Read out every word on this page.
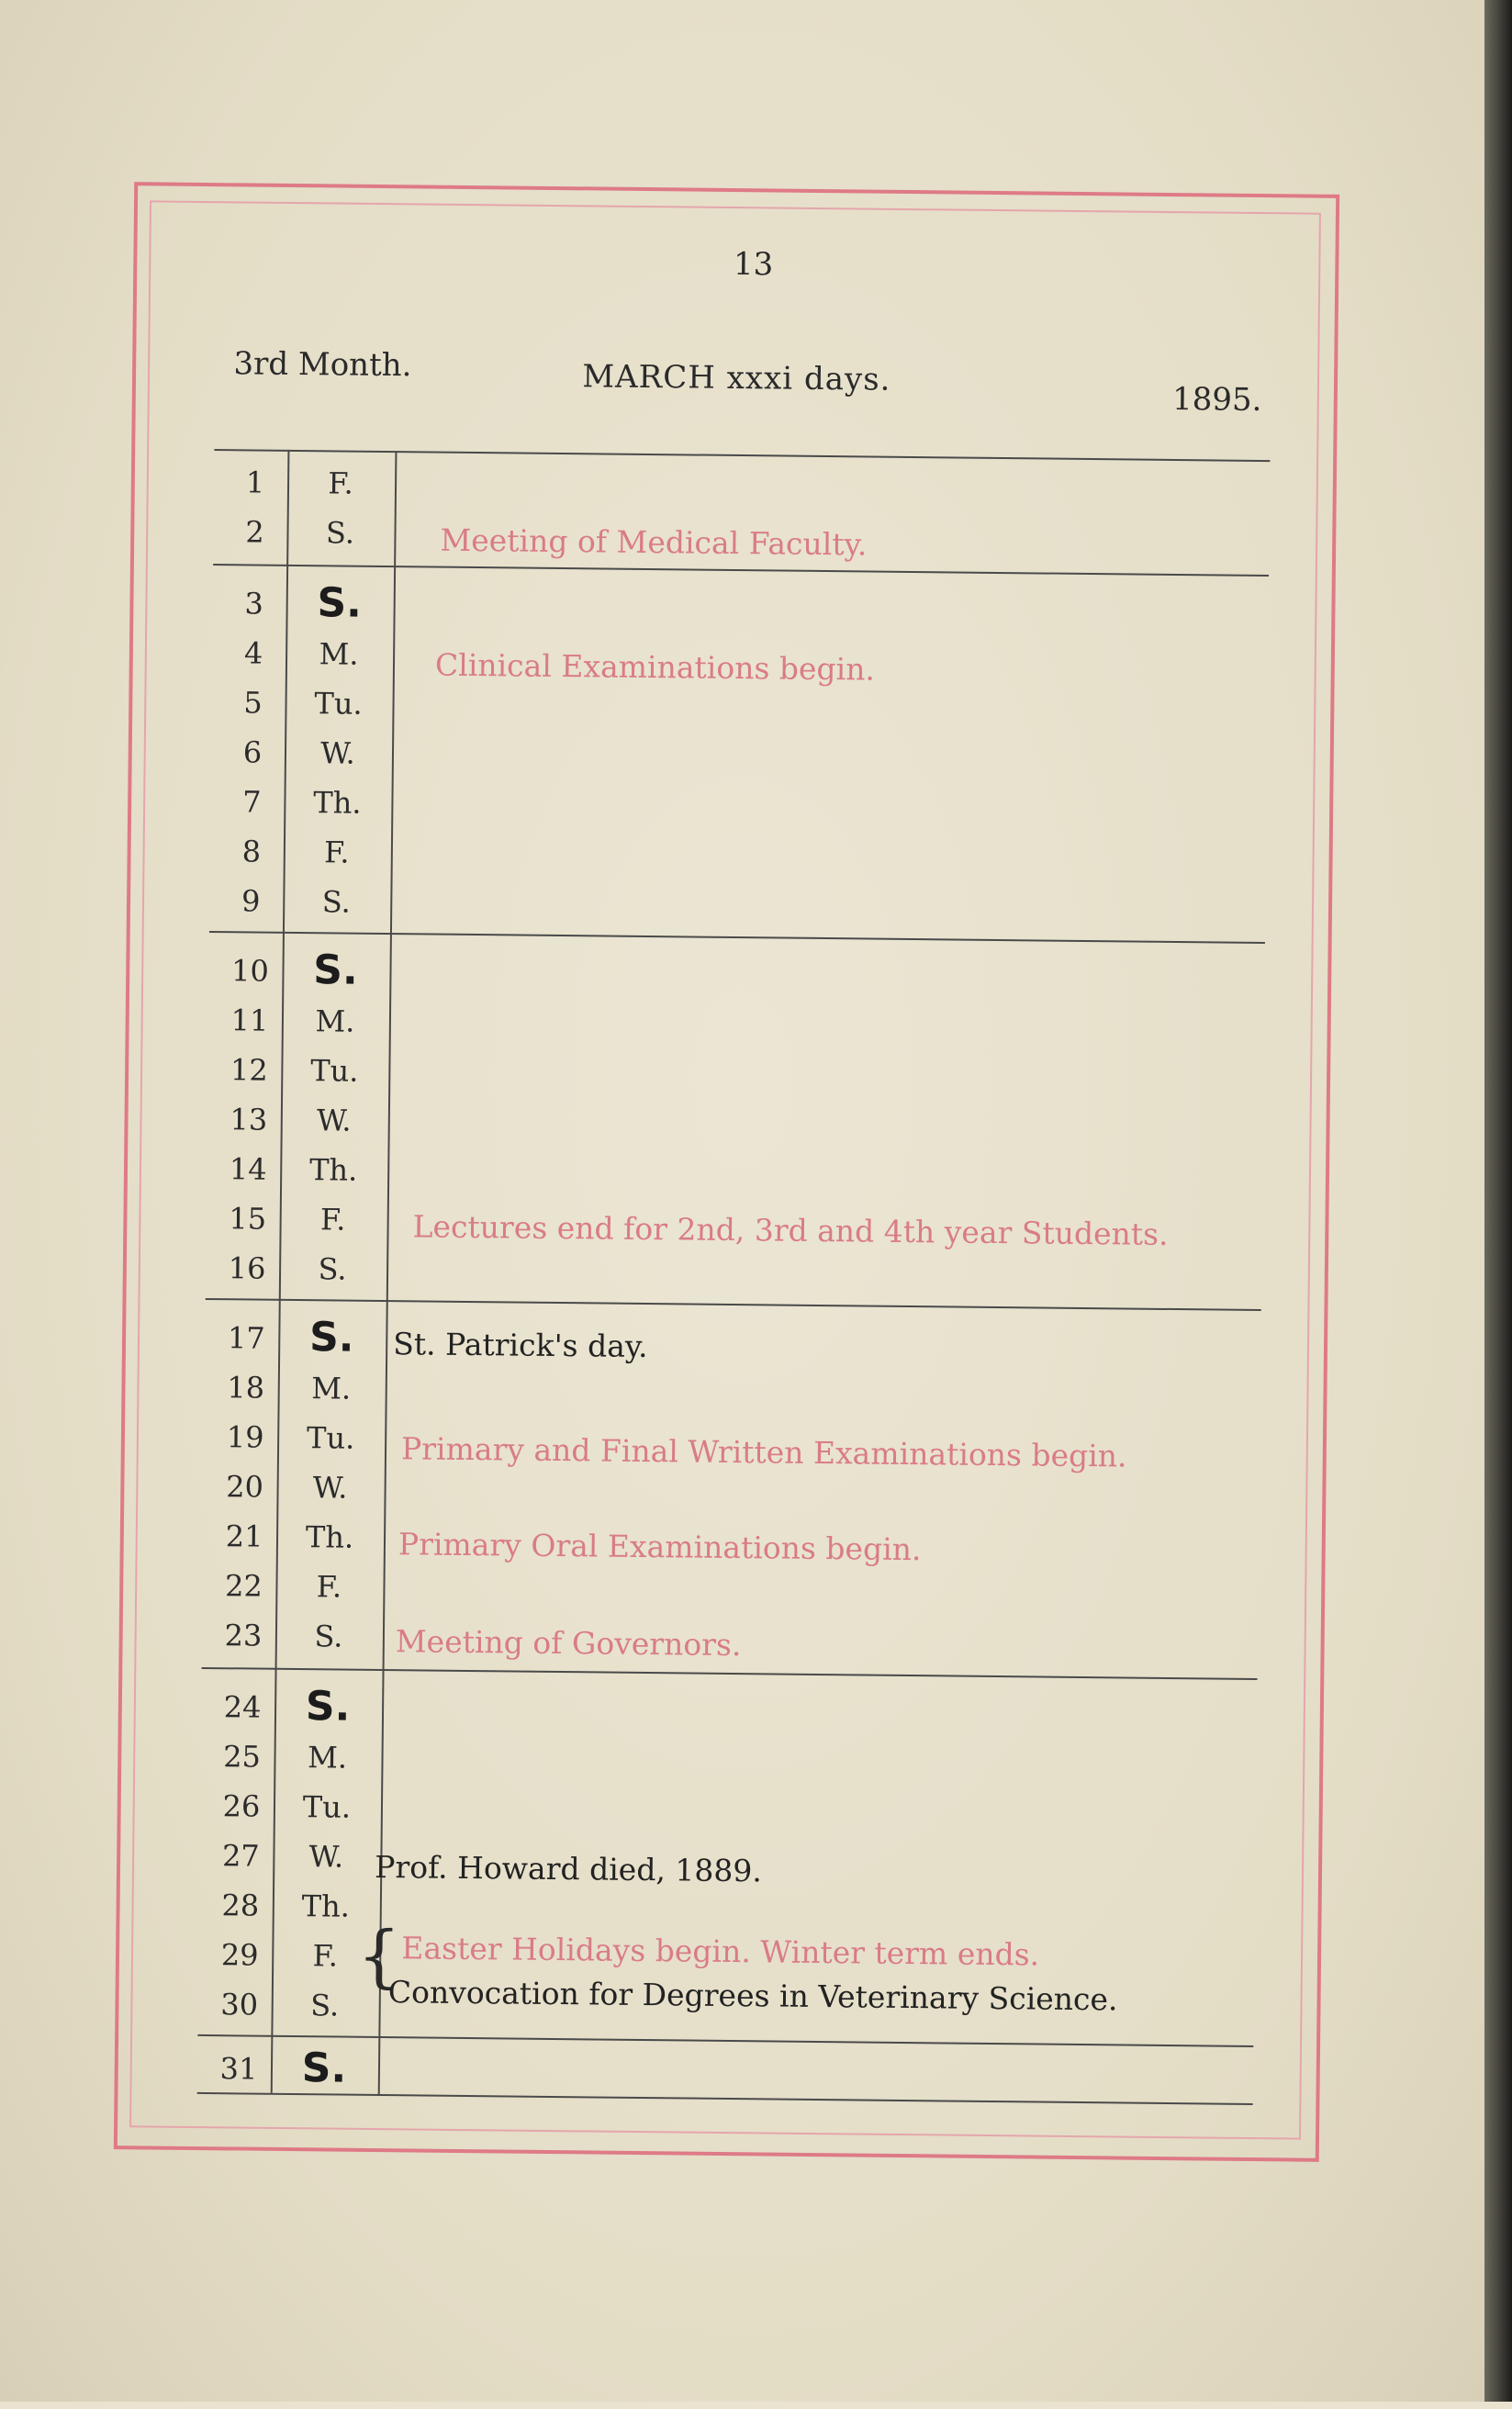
13
3rd Month.	MARCH xxxi days.
1895.
1
2
3
4
5
6
7
8
9
10
11
12
13
14
15
16
17
18
19
20
21
22
23
24
25
26
27
28
29
30
31
F.
S.
S.
M.
Tu.
W.
Th.
F.
S.
S.
M.
Tu.
W.
Th.
F.
S.
S.
M.
Tu.
W.
Th.
F.
S.
S.
M.
Tu.
W.
Th.
F.
S.
S.
Meeting of Medical Faculty.
Clinical Examinations begin.
Lectures end for 2nd, 3rd and 4th year Students.
St. Patrick's day.
Primary and Final Written Examinations begin.
Primary Oral Examinations begin.
Meeting of Governors.
Prof. Howard died, 1889.
{ Easter Holidays begin. Winter term ends.
Convocation for Degrees in Veterinary Science.
